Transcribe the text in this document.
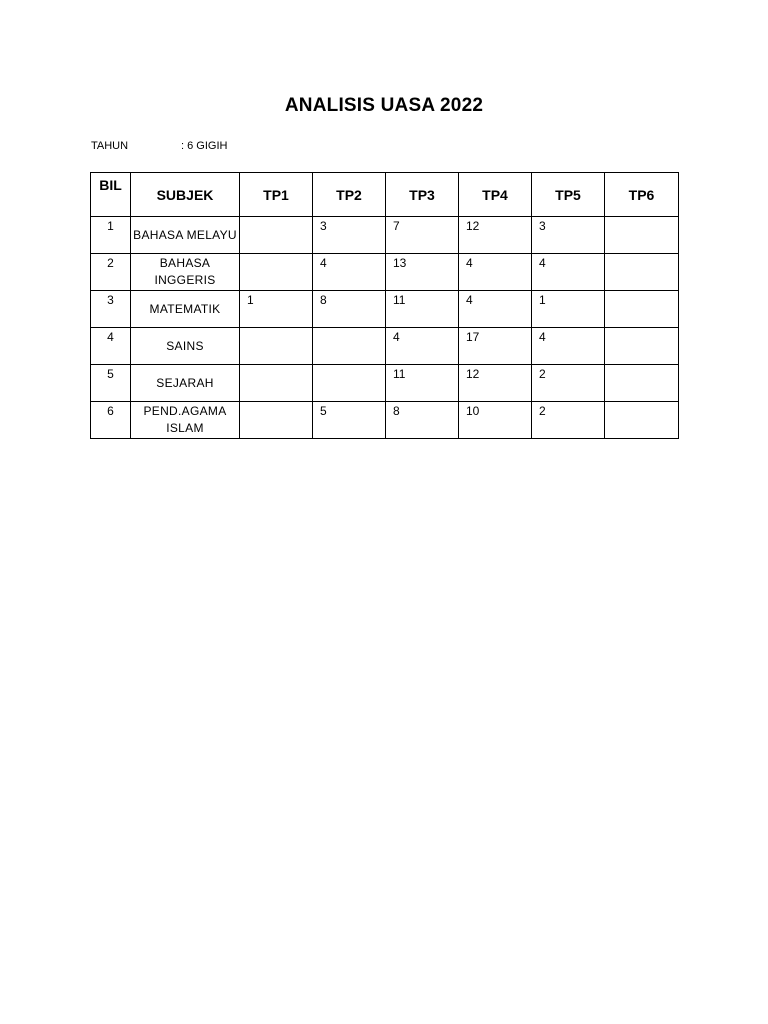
ANALISIS UASA 2022
TAHUN	: 6 GIGIH
BIL	SUBJEK	TP1	TP2	TP3	TP4	TP5	TP6
1	BAHASA MELAYU		3	7	12	3	
2	BAHASA INGGERIS		4	13	4	4	
3	MATEMATIK	1	8	11	4	1	
4	SAINS			4	17	4	
5	SEJARAH			11	12	2	
6	PEND.AGAMA ISLAM		5	8	10	2	
